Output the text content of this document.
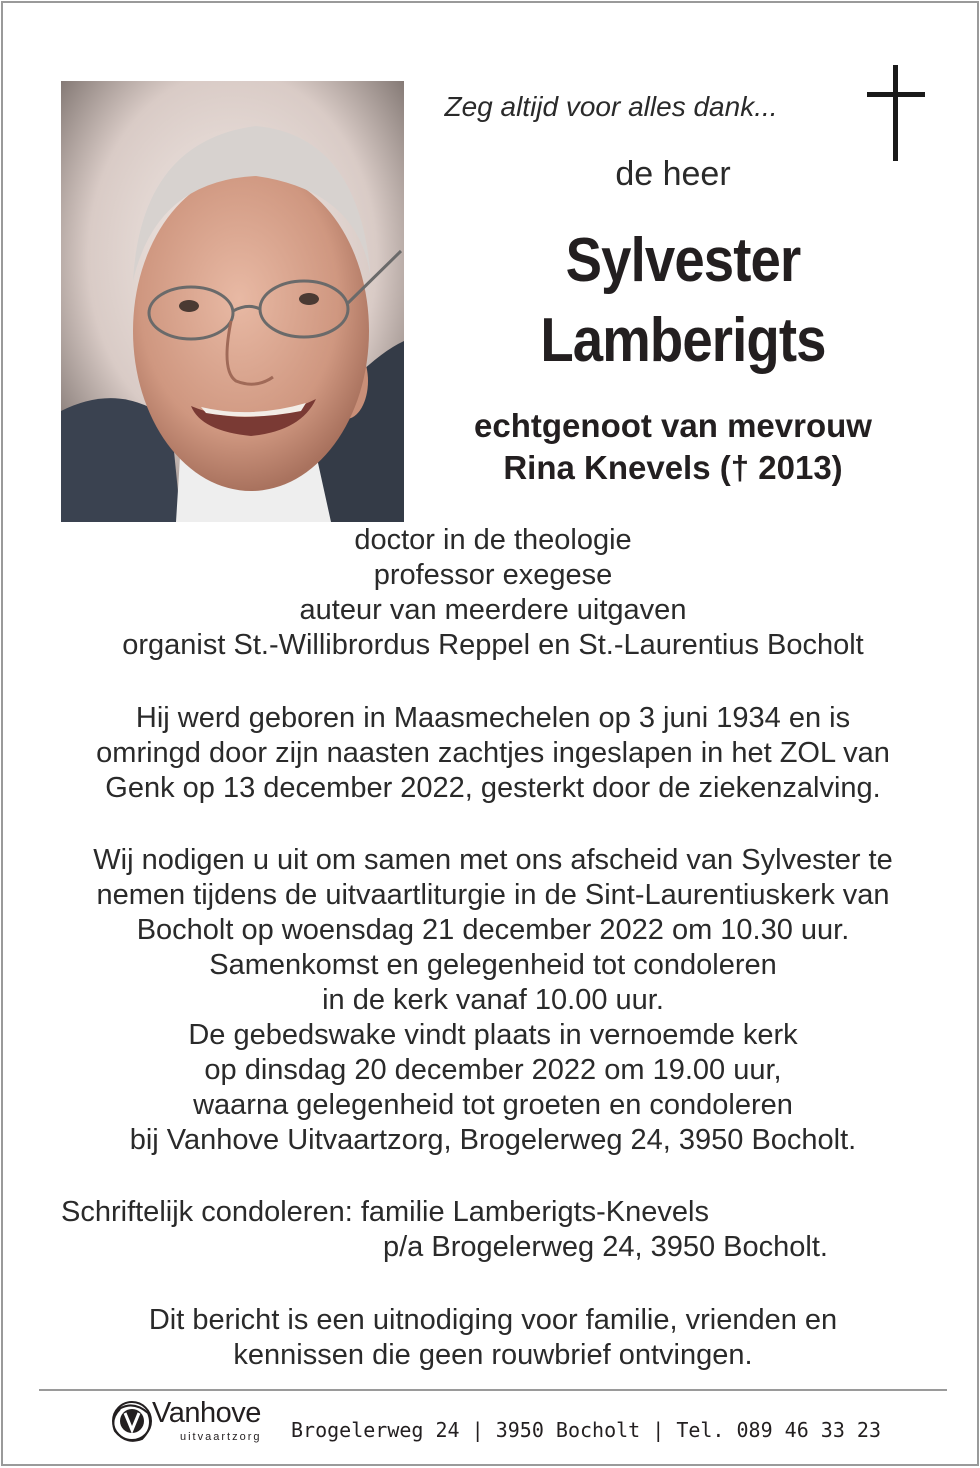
Zeg altijd voor alles dank...
de heer
Sylvester
Lamberigts
echtgenoot van mevrouw
Rina Knevels († 2013)
doctor in de theologie
professor exegese
auteur van meerdere uitgaven
organist St.-Willibrordus Reppel en St.-Laurentius Bocholt
Hij werd geboren in Maasmechelen op 3 juni 1934 en is
omringd door zijn naasten zachtjes ingeslapen in het ZOL van
Genk op 13 december 2022, gesterkt door de ziekenzalving.
Wij nodigen u uit om samen met ons afscheid van Sylvester te
nemen tijdens de uitvaartliturgie in de Sint-Laurentiuskerk van
Bocholt op woensdag 21 december 2022 om 10.30 uur.
Samenkomst en gelegenheid tot condoleren
in de kerk vanaf 10.00 uur.
De gebedswake vindt plaats in vernoemde kerk
op dinsdag 20 december 2022 om 19.00 uur,
waarna gelegenheid tot groeten en condoleren
bij Vanhove Uitvaartzorg, Brogelerweg 24, 3950 Bocholt.
Schriftelijk condoleren: familie Lamberigts-Knevels
p/a Brogelerweg 24, 3950 Bocholt.
Dit bericht is een uitnodiging voor familie, vrienden en
kennissen die geen rouwbrief ontvingen.
Vanhove
uitvaartzorg Brogelerweg 24 | 3950 Bocholt | Tel. 089 46 33 23
